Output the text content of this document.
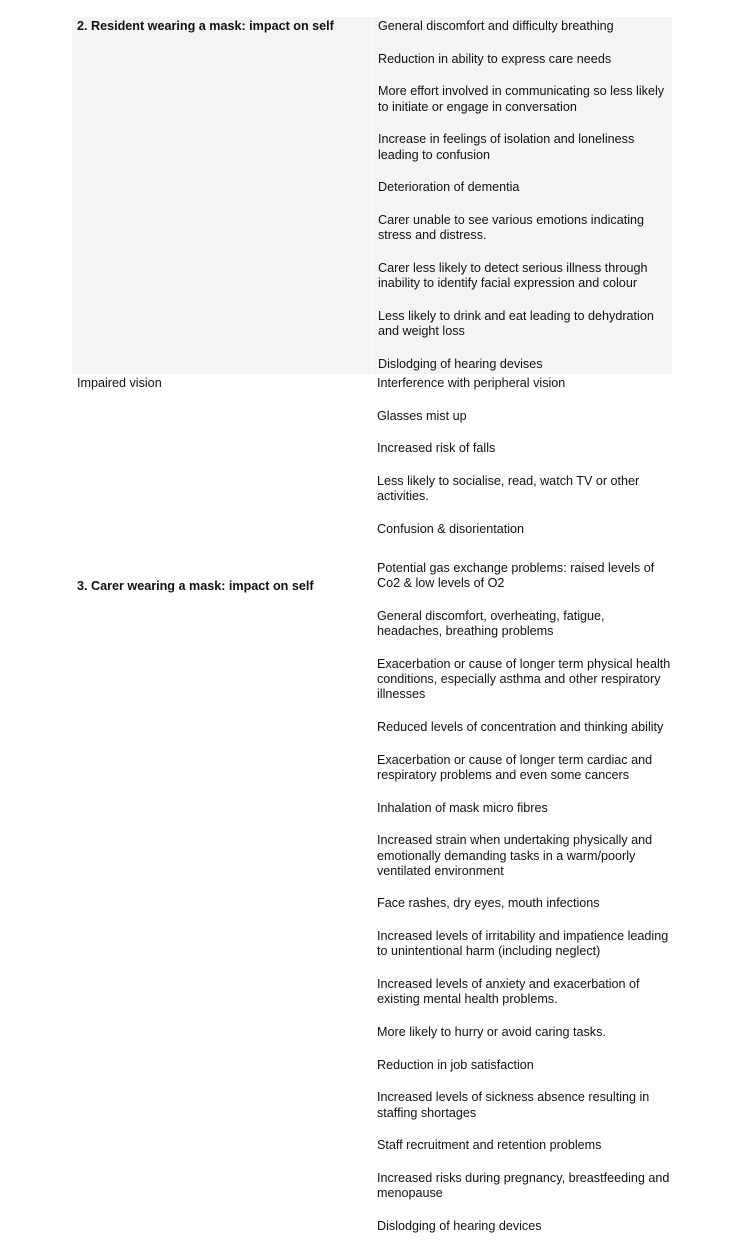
2. Resident wearing a mask: impact on self	General discomfort and difficulty breathing
Reduction in ability to express care needs
More effort involved in communicating so less likely to initiate or engage in conversation
Increase in feelings of isolation and loneliness leading to confusion
Deterioration of dementia
Carer unable to see various emotions indicating stress and distress.
Carer less likely to detect serious illness through inability to identify facial expression and colour
Less likely to drink and eat leading to dehydration and weight loss
Dislodging of hearing devises
Impaired vision	Interference with peripheral vision
Glasses mist up
Increased risk of falls
Less likely to socialise, read, watch TV or other activities.
Confusion & disorientation
3. Carer wearing a mask: impact on self
Potential gas exchange problems: raised levels of Co2 & low levels of O2
General discomfort, overheating, fatigue, headaches, breathing problems
Exacerbation or cause of longer term physical health conditions, especially asthma and other respiratory illnesses
Reduced levels of concentration and thinking ability
Exacerbation or cause of longer term cardiac and respiratory problems and even some cancers
Inhalation of mask micro fibres
Increased strain when undertaking physically and emotionally demanding tasks in a warm/poorly ventilated environment
Face rashes, dry eyes, mouth infections
Increased levels of irritability and impatience leading to unintentional harm (including neglect)
Increased levels of anxiety and exacerbation of existing mental health problems.
More likely to hurry or avoid caring tasks.
Reduction in job satisfaction
Increased levels of sickness absence resulting in staffing shortages
Staff recruitment and retention problems
Increased risks during pregnancy, breastfeeding and menopause
Dislodging of hearing devices
